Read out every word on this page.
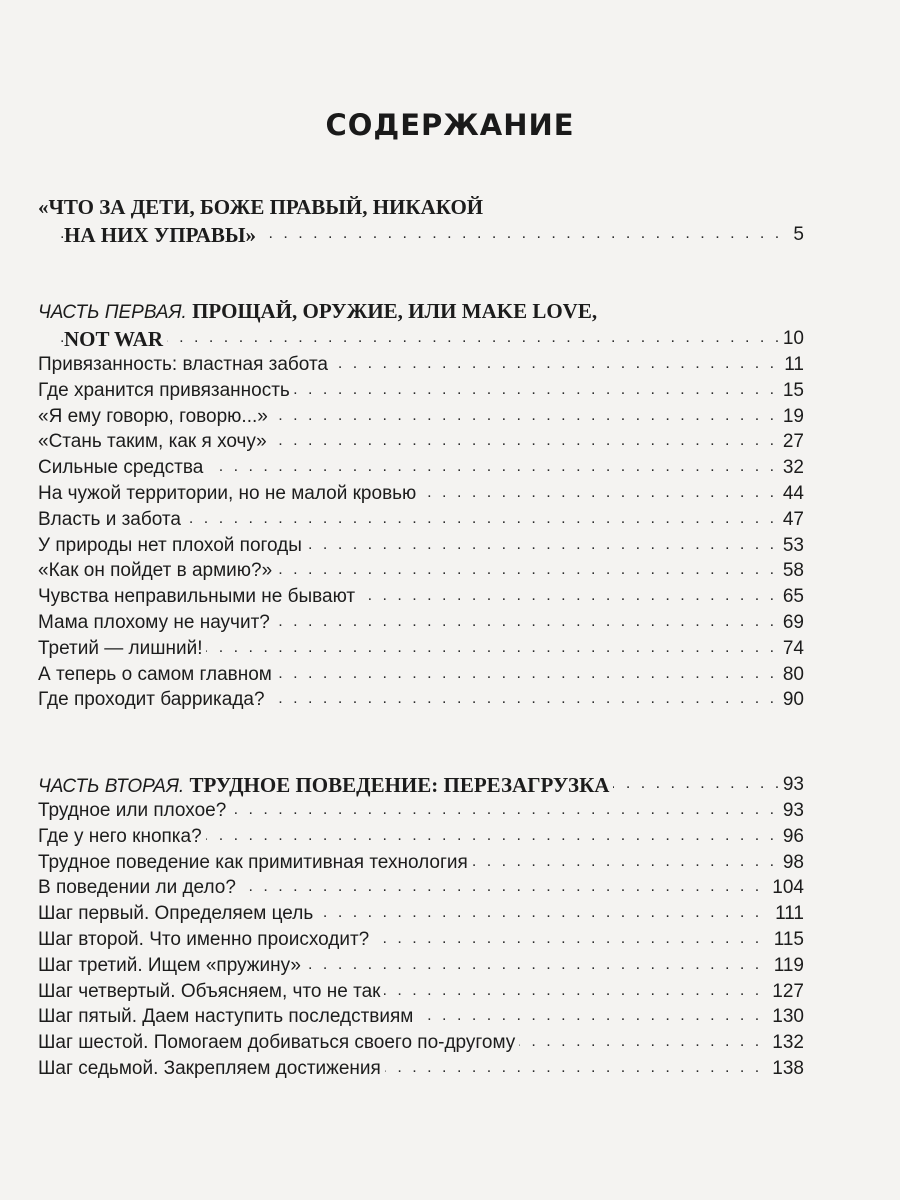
СОДЕРЖАНИЕ
«ЧТО ЗА ДЕТИ, БОЖЕ ПРАВЫЙ, НИКАКОЙ
. . .
НА НИХ УПРАВЫ»	5
ЧАСТЬ ПЕРВАЯ. ПРОЩАЙ, ОРУЖИЕ, ИЛИ MAKE LOVE,
. . .
NOT WAR	10
. . .
Привязанность: властная забота	11
. . .
Где хранится привязанность	15
. . .
«Я ему говорю, говорю...»	19
. . .
«Стань таким, как я хочу»	27
. . .
Сильные средства	32
. . .
На чужой территории, но не малой кровью	44
. . .
Власть и забота	47
. . .
У природы нет плохой погоды	53
. . .
«Как он пойдет в армию?»	58
. . .
Чувства неправильными не бывают	65
. . .
Мама плохому не научит?	69
. . .
Третий — лишний!	74
. . .
А теперь о самом главном	80
. . .
Где проходит баррикада?	90
. . .
ЧАСТЬ ВТОРАЯ. ТРУДНОЕ ПОВЕДЕНИЕ: ПЕРЕЗАГРУЗКА	93
. . .
Трудное или плохое?	93
. . .
Где у него кнопка?	96
. . .
Трудное поведение как примитивная технология	98
. . .
В поведении ли дело?	104
. . .
Шаг первый. Определяем цель	111
. . .
Шаг второй. Что именно происходит?	115
. . .
Шаг третий. Ищем «пружину»	119
. . .
Шаг четвертый. Объясняем, что не так	127
. . .
Шаг пятый. Даем наступить последствиям	130
. . .
Шаг шестой. Помогаем добиваться своего по-другому	132
. . .
Шаг седьмой. Закрепляем достижения	138
